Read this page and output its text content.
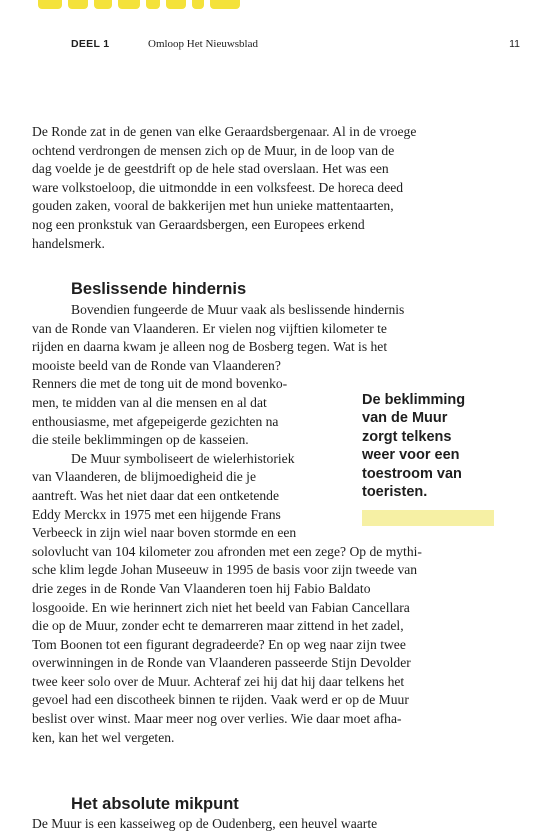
DEEL 1	Omloop Het Nieuwsblad	11
De Ronde zat in de genen van elke Geraardsbergenaar. Al in de vroege
ochtend verdrongen de mensen zich op de Muur, in de loop van de
dag voelde je de geestdrift op de hele stad overslaan. Het was een
ware volkstoeloop, die uitmondde in een volksfeest. De horeca deed
gouden zaken, vooral de bakkerijen met hun unieke mattentaarten,
nog een pronkstuk van Geraardsbergen, een Europees erkend
handelsmerk.
Beslissende hindernis
Bovendien fungeerde de Muur vaak als beslissende hindernis
van de Ronde van Vlaanderen. Er vielen nog vijftien kilometer te
rijden en daarna kwam je alleen nog de Bosberg tegen. Wat is het
mooiste beeld van de Ronde van Vlaanderen?
Renners die met de tong uit de mond bovenko-
men, te midden van al die mensen en al dat
enthousiasme, met afgepeigerde gezichten na
die steile beklimmingen op de kasseien.
De Muur symboliseert de wielerhistoriek
van Vlaanderen, de blijmoedigheid die je
aantreft. Was het niet daar dat een ontketende
Eddy Merckx in 1975 met een hijgende Frans
Verbeeck in zijn wiel naar boven stormde en een
solovlucht van 104 kilometer zou afronden met een zege? Op de mythi-
sche klim legde Johan Museeuw in 1995 de basis voor zijn tweede van
drie zeges in de Ronde Van Vlaanderen toen hij Fabio Baldato
losgooide. En wie herinnert zich niet het beeld van Fabian Cancellara
die op de Muur, zonder echt te demarreren maar zittend in het zadel,
Tom Boonen tot een figurant degradeerde? En op weg naar zijn twee
overwinningen in de Ronde van Vlaanderen passeerde Stijn Devolder
twee keer solo over de Muur. Achteraf zei hij dat hij daar telkens het
gevoel had een discotheek binnen te rijden. Vaak werd er op de Muur
beslist over winst. Maar meer nog over verlies. Wie daar moet afha-
ken, kan het wel vergeten.
De beklimming
van de Muur
zorgt telkens
weer voor een
toestroom van
toeristen.
Het absolute mikpunt
De Muur is een kasseiweg op de Oudenberg, een heuvel waarte
